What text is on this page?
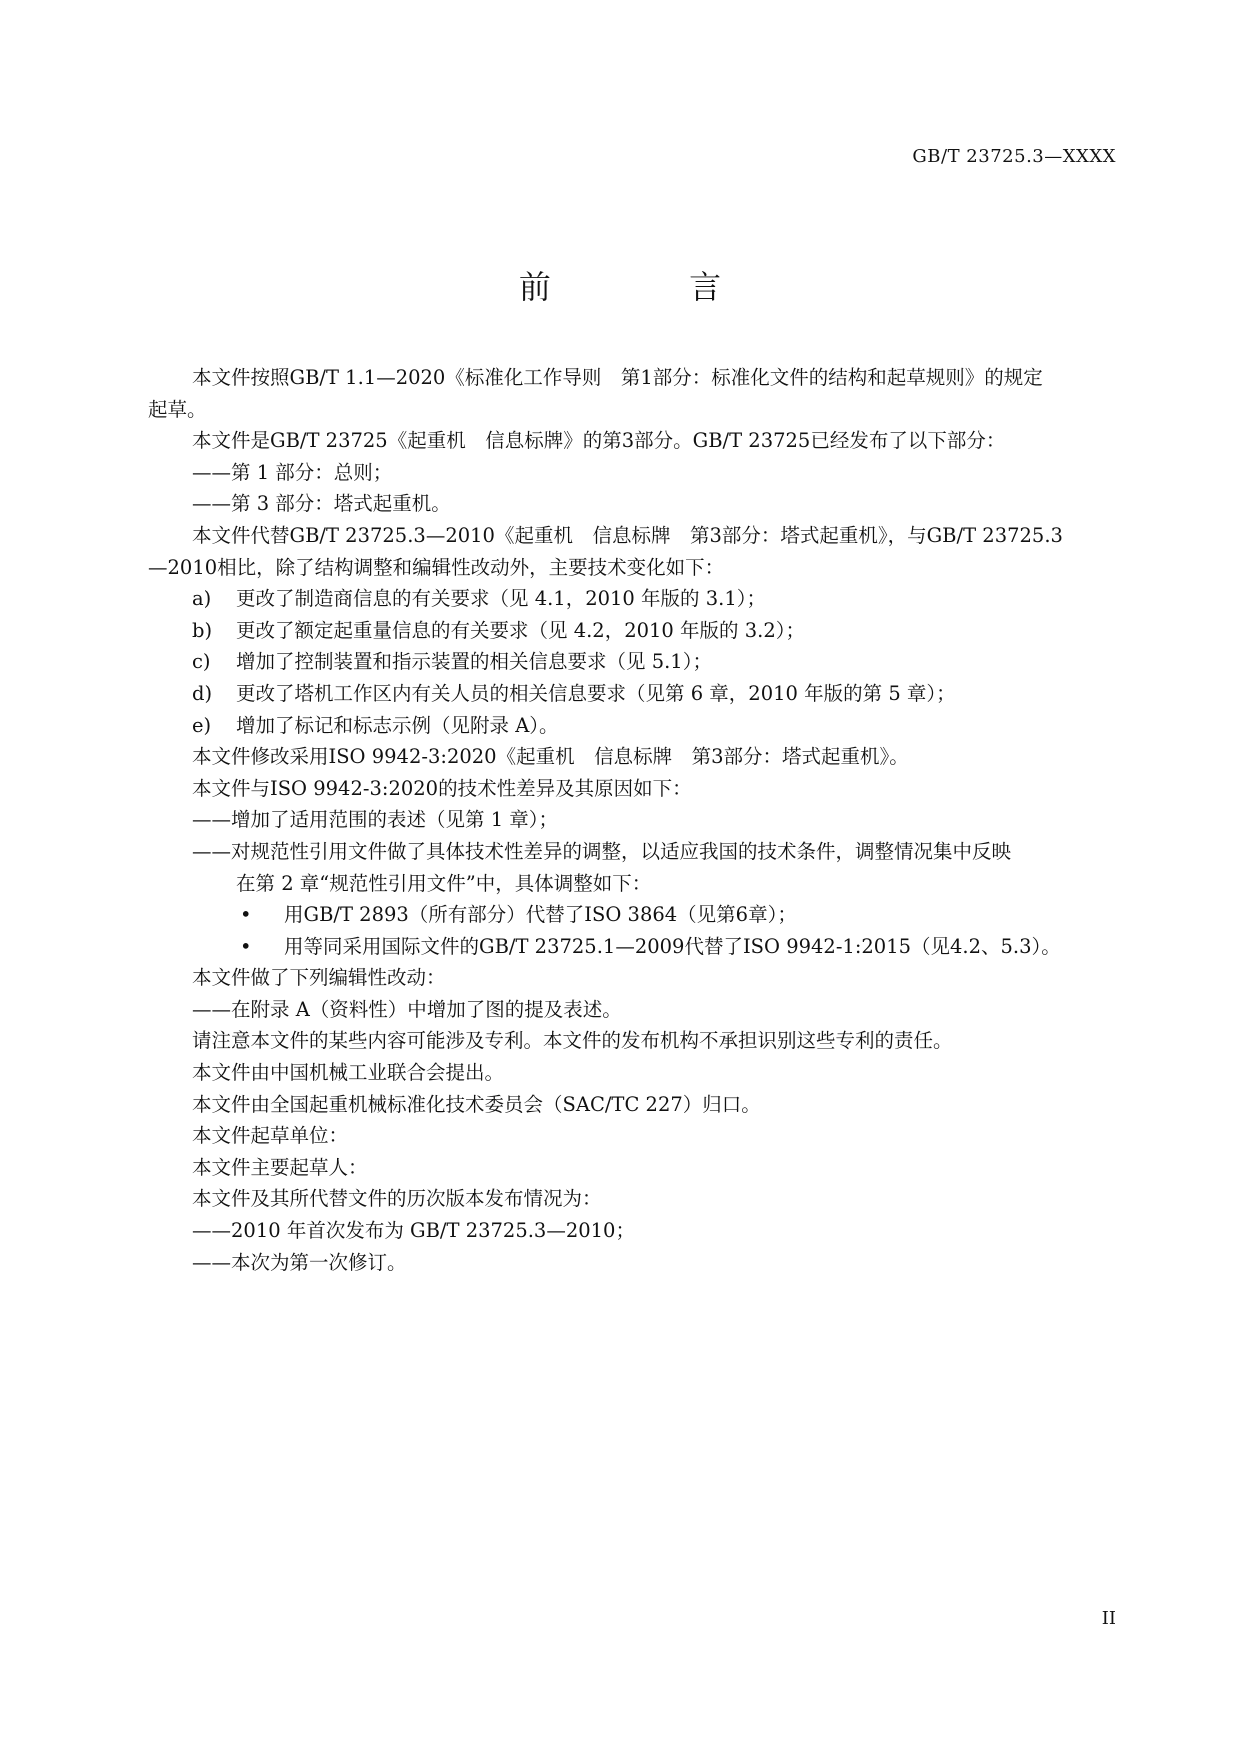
GB/T 23725.3—XXXX
前 言
本文件按照GB/T 1.1—2020《标准化工作导则　第1部分：标准化文件的结构和起草规则》的规定
起草。
本文件是GB/T 23725《起重机　信息标牌》的第3部分。GB/T 23725已经发布了以下部分：
——第 1 部分：总则；
——第 3 部分：塔式起重机。
本文件代替GB/T 23725.3—2010《起重机　信息标牌　第3部分：塔式起重机》，与GB/T 23725.3
—2010相比，除了结构调整和编辑性改动外，主要技术变化如下：
a) 更改了制造商信息的有关要求（见 4.1，2010 年版的 3.1）；
b) 更改了额定起重量信息的有关要求（见 4.2，2010 年版的 3.2）；
c) 增加了控制装置和指示装置的相关信息要求（见 5.1）；
d) 更改了塔机工作区内有关人员的相关信息要求（见第 6 章，2010 年版的第 5 章）；
e) 增加了标记和标志示例（见附录 A）。
本文件修改采用ISO 9942-3:2020《起重机　信息标牌　第3部分：塔式起重机》。
本文件与ISO 9942-3:2020的技术性差异及其原因如下：
——增加了适用范围的表述（见第 1 章）；
——对规范性引用文件做了具体技术性差异的调整，以适应我国的技术条件，调整情况集中反映
在第 2 章“规范性引用文件”中，具体调整如下：
• 用GB/T 2893（所有部分）代替了ISO 3864（见第6章）；
• 用等同采用国际文件的GB/T 23725.1—2009代替了ISO 9942-1:2015（见4.2、5.3）。
本文件做了下列编辑性改动：
——在附录 A（资料性）中增加了图的提及表述。
请注意本文件的某些内容可能涉及专利。本文件的发布机构不承担识别这些专利的责任。
本文件由中国机械工业联合会提出。
本文件由全国起重机械标准化技术委员会（SAC/TC 227）归口。
本文件起草单位：
本文件主要起草人：
本文件及其所代替文件的历次版本发布情况为：
——2010 年首次发布为 GB/T 23725.3—2010；
——本次为第一次修订。
II
